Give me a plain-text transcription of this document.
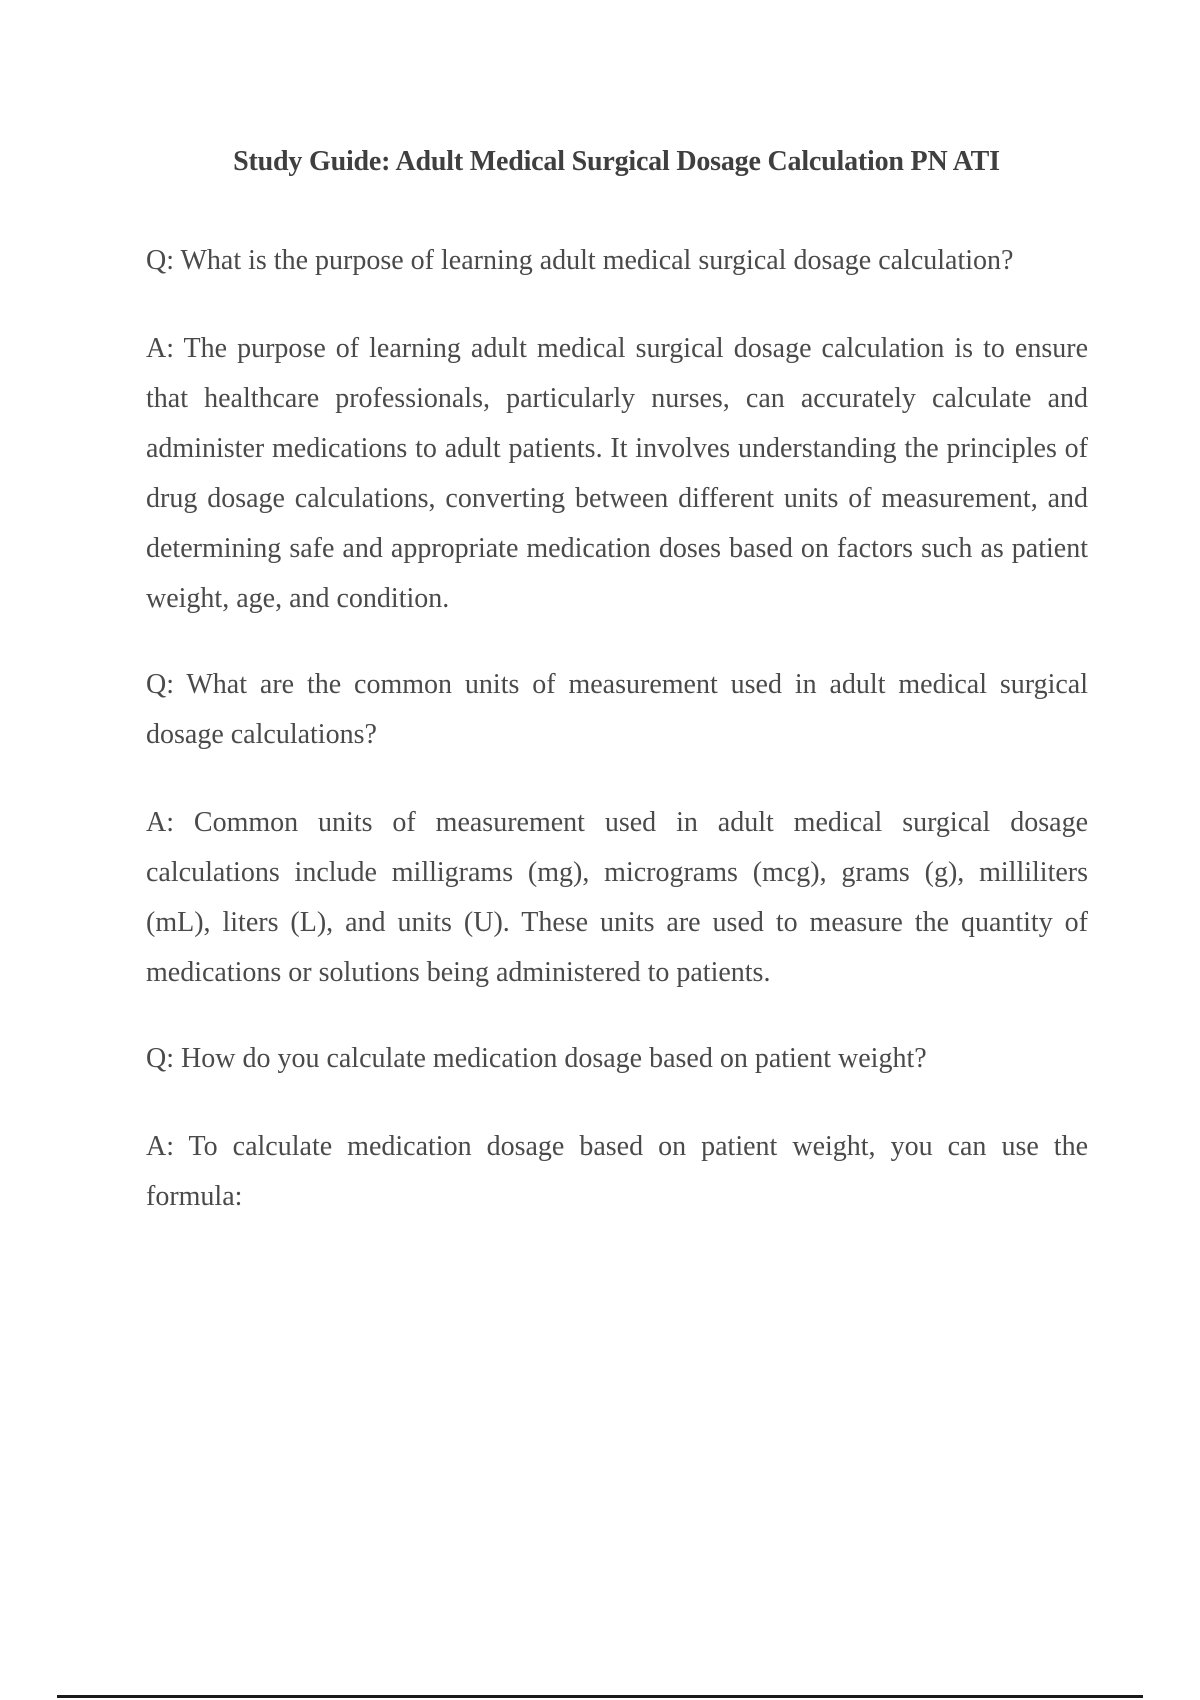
Study Guide: Adult Medical Surgical Dosage Calculation PN ATI

Q: What is the purpose of learning adult medical surgical dosage calculation?

A: The purpose of learning adult medical surgical dosage calculation is to ensure that healthcare professionals, particularly nurses, can accurately calculate and administer medications to adult patients. It involves understanding the principles of drug dosage calculations, converting between different units of measurement, and determining safe and appropriate medication doses based on factors such as patient weight, age, and condition.

Q: What are the common units of measurement used in adult medical surgical dosage calculations?

A: Common units of measurement used in adult medical surgical dosage calculations include milligrams (mg), micrograms (mcg), grams (g), milliliters (mL), liters (L), and units (U). These units are used to measure the quantity of medications or solutions being administered to patients.

Q: How do you calculate medication dosage based on patient weight?

A: To calculate medication dosage based on patient weight, you can use the formula:
